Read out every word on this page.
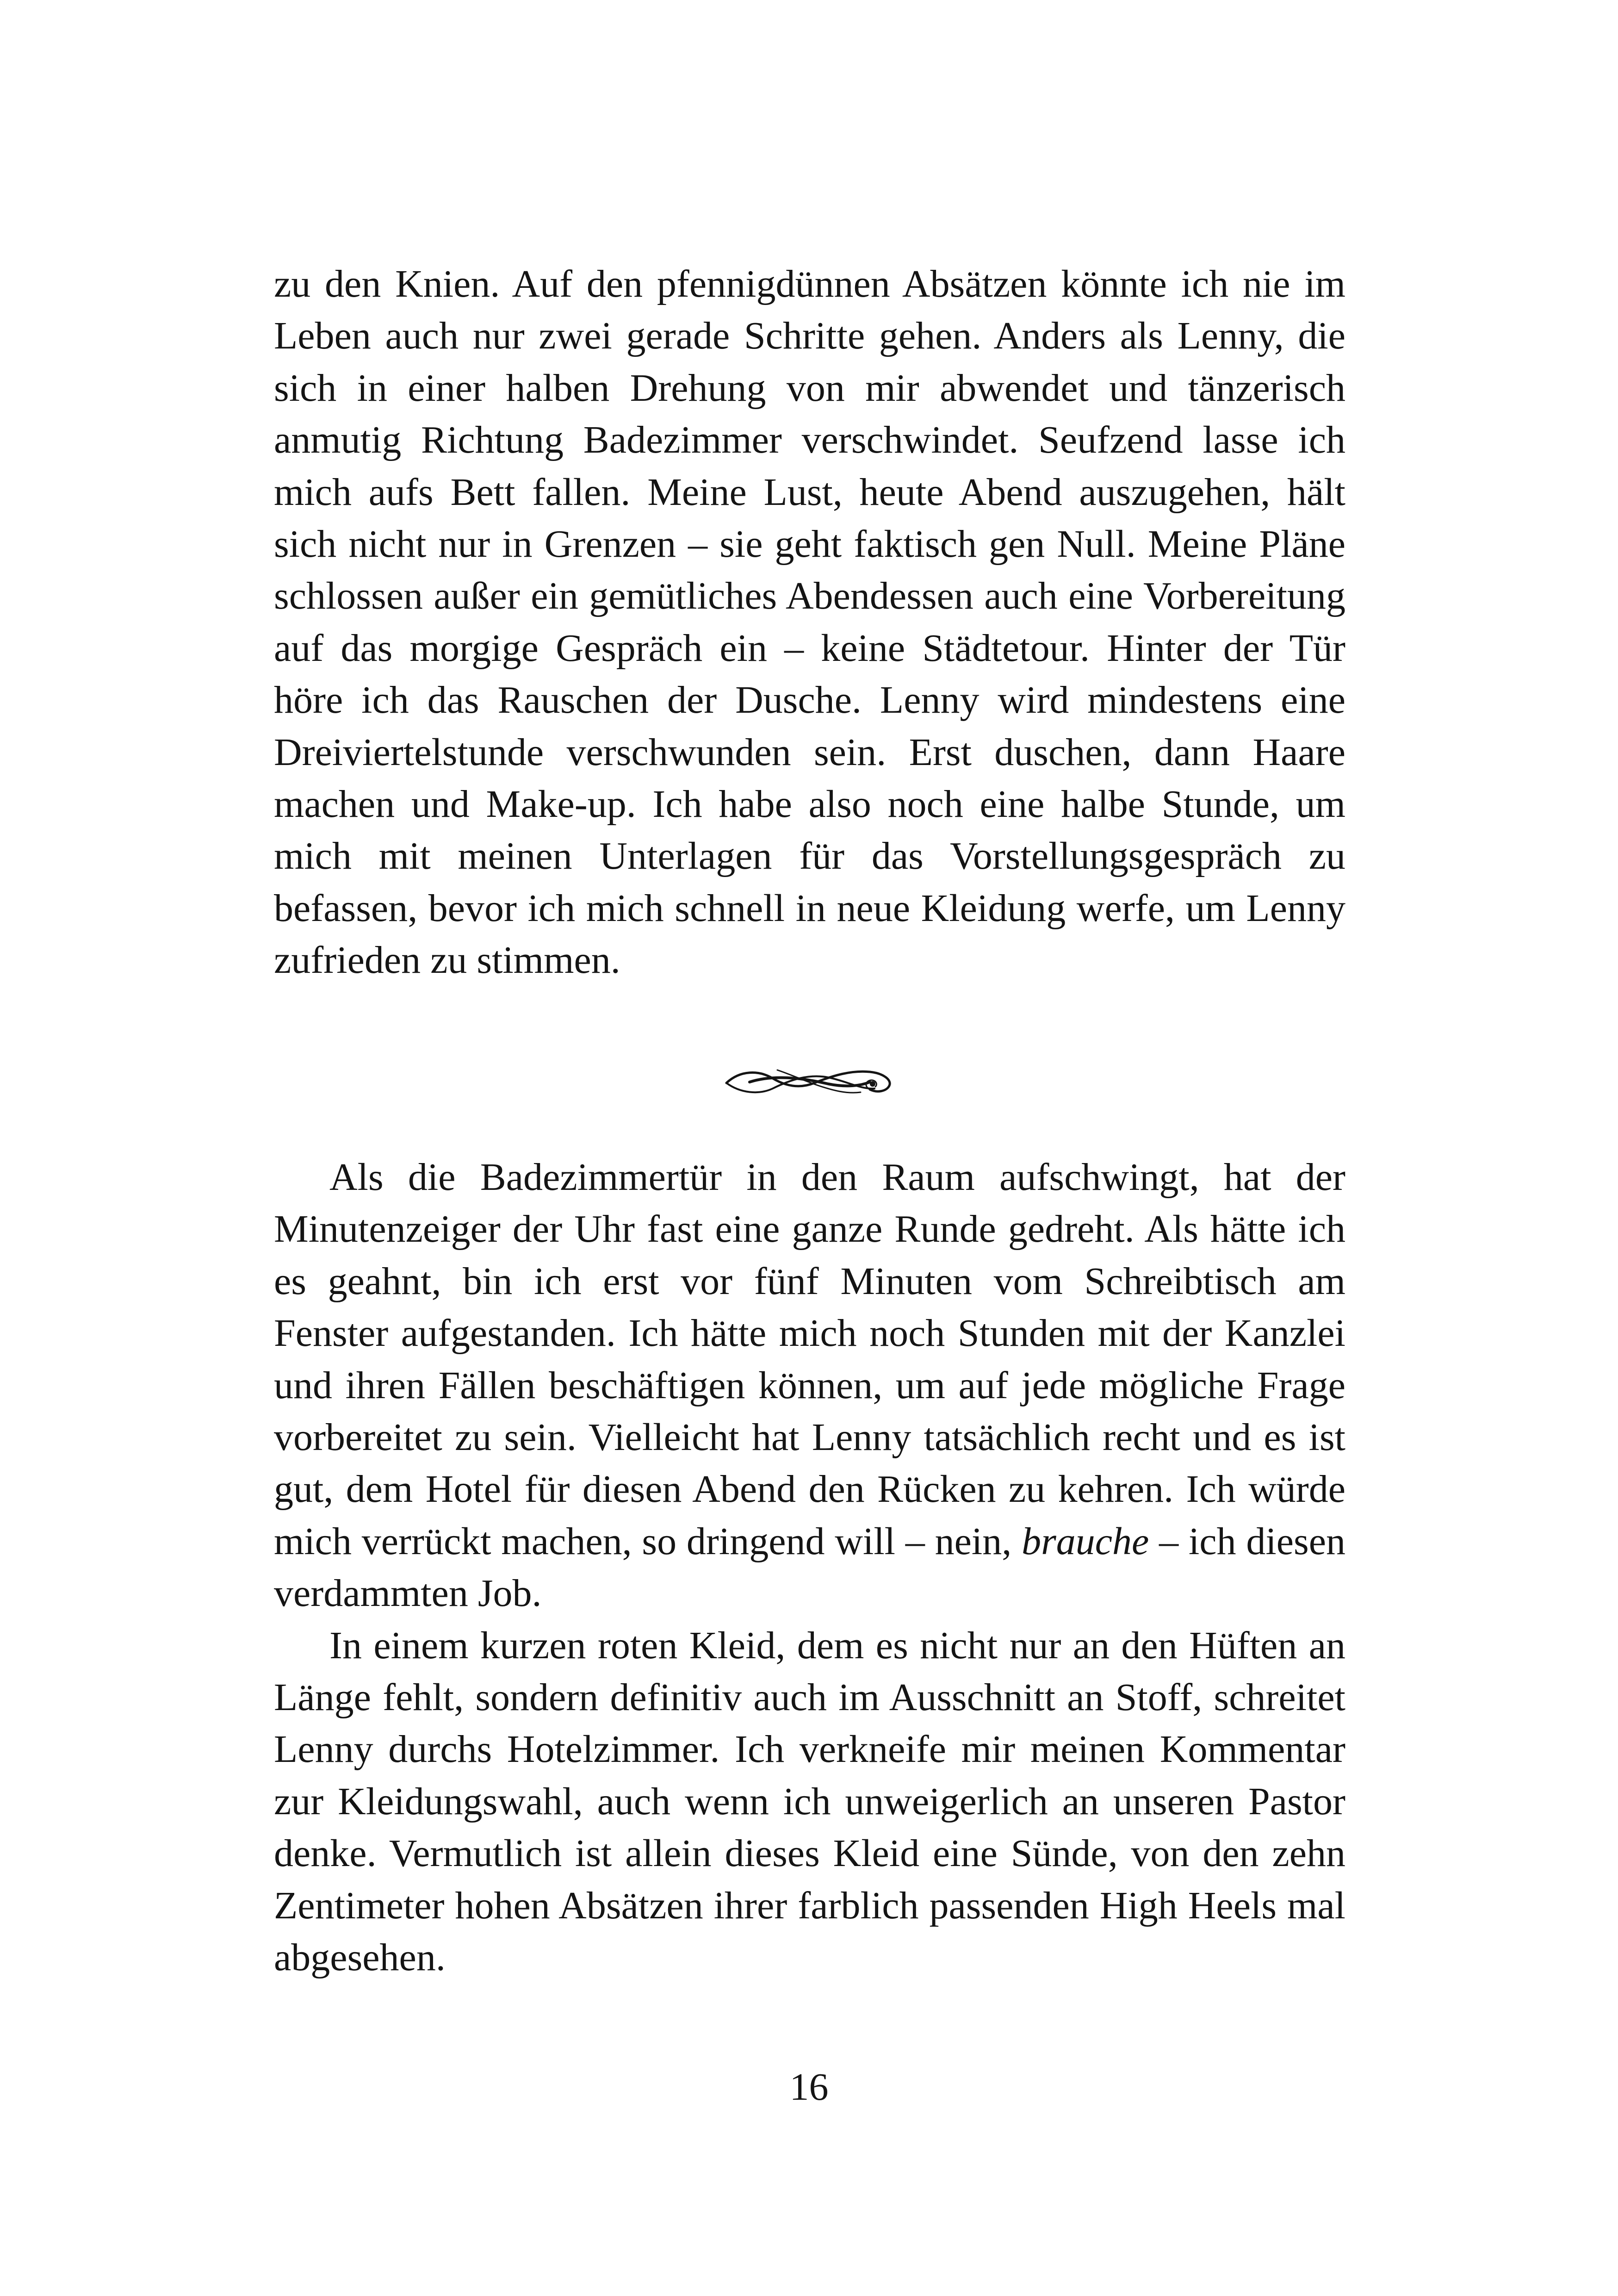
zu den Knien. Auf den pfennigdünnen Absätzen könnte ich nie im Leben auch nur zwei gerade Schritte gehen. Anders als Lenny, die sich in einer halben Drehung von mir abwendet und tänzerisch anmutig Richtung Badezimmer verschwindet. Seufzend lasse ich mich aufs Bett fallen. Meine Lust, heute Abend auszugehen, hält sich nicht nur in Grenzen – sie geht faktisch gen Null. Meine Pläne schlossen außer ein gemütliches Abendessen auch eine Vorbereitung auf das morgige Gespräch ein – keine Städtetour. Hinter der Tür höre ich das Rauschen der Dusche. Lenny wird mindestens eine Dreiviertelstunde verschwunden sein. Erst duschen, dann Haare machen und Make-up. Ich habe also noch eine halbe Stunde, um mich mit meinen Unterlagen für das Vorstellungsgespräch zu befassen, bevor ich mich schnell in neue Kleidung werfe, um Lenny zufrieden zu stimmen.

Als die Badezimmertür in den Raum aufschwingt, hat der Minutenzeiger der Uhr fast eine ganze Runde gedreht. Als hätte ich es geahnt, bin ich erst vor fünf Minuten vom Schreibtisch am Fenster aufgestanden. Ich hätte mich noch Stunden mit der Kanzlei und ihren Fällen beschäftigen können, um auf jede mögliche Frage vorbereitet zu sein. Vielleicht hat Lenny tatsächlich recht und es ist gut, dem Hotel für diesen Abend den Rücken zu kehren. Ich würde mich verrückt machen, so dringend will – nein, brauche – ich diesen verdammten Job.

In einem kurzen roten Kleid, dem es nicht nur an den Hüften an Länge fehlt, sondern definitiv auch im Ausschnitt an Stoff, schreitet Lenny durchs Hotelzimmer. Ich verkneife mir meinen Kommentar zur Kleidungswahl, auch wenn ich unweigerlich an unseren Pastor denke. Vermutlich ist allein dieses Kleid eine Sünde, von den zehn Zentimeter hohen Absätzen ihrer farblich passenden High Heels mal abgesehen.

16
